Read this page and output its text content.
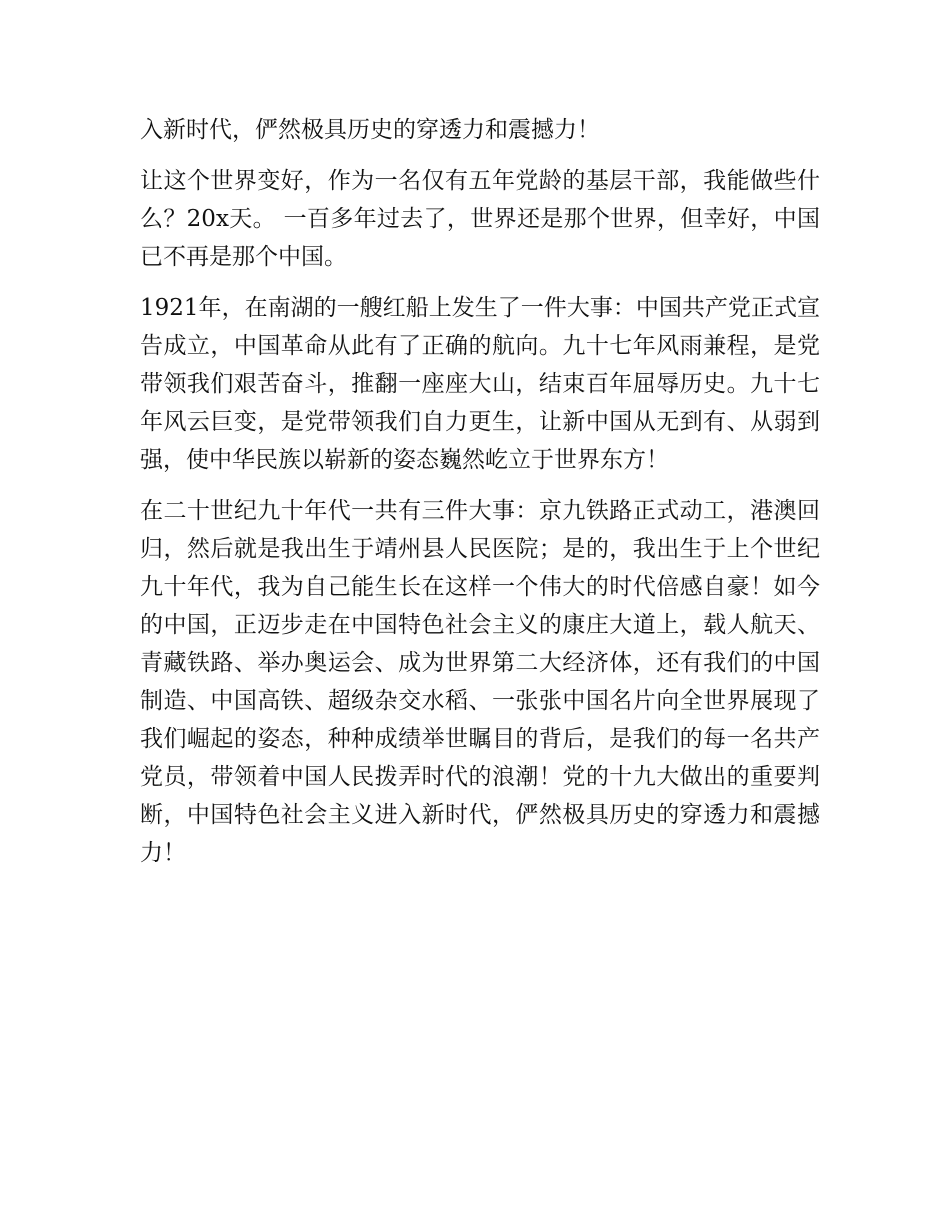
入新时代，俨然极具历史的穿透力和震撼力！

让这个世界变好，作为一名仅有五年党龄的基层干部，我能做些什么？20x天。 一百多年过去了，世界还是那个世界，但幸好，中国已不再是那个中国。

1921年，在南湖的一艘红船上发生了一件大事：中国共产党正式宣告成立，中国革命从此有了正确的航向。九十七年风雨兼程，是党带领我们艰苦奋斗，推翻一座座大山，结束百年屈辱历史。九十七年风云巨变，是党带领我们自力更生，让新中国从无到有、从弱到强，使中华民族以崭新的姿态巍然屹立于世界东方！

在二十世纪九十年代一共有三件大事：京九铁路正式动工，港澳回归，然后就是我出生于靖州县人民医院；是的，我出生于上个世纪九十年代，我为自己能生长在这样一个伟大的时代倍感自豪！如今的中国，正迈步走在中国特色社会主义的康庄大道上，载人航天、青藏铁路、举办奥运会、成为世界第二大经济体，还有我们的中国制造、中国高铁、超级杂交水稻、一张张中国名片向全世界展现了我们崛起的姿态，种种成绩举世瞩目的背后，是我们的每一名共产党员，带领着中国人民拨弄时代的浪潮！党的十九大做出的重要判断，中国特色社会主义进入新时代，俨然极具历史的穿透力和震撼力！
